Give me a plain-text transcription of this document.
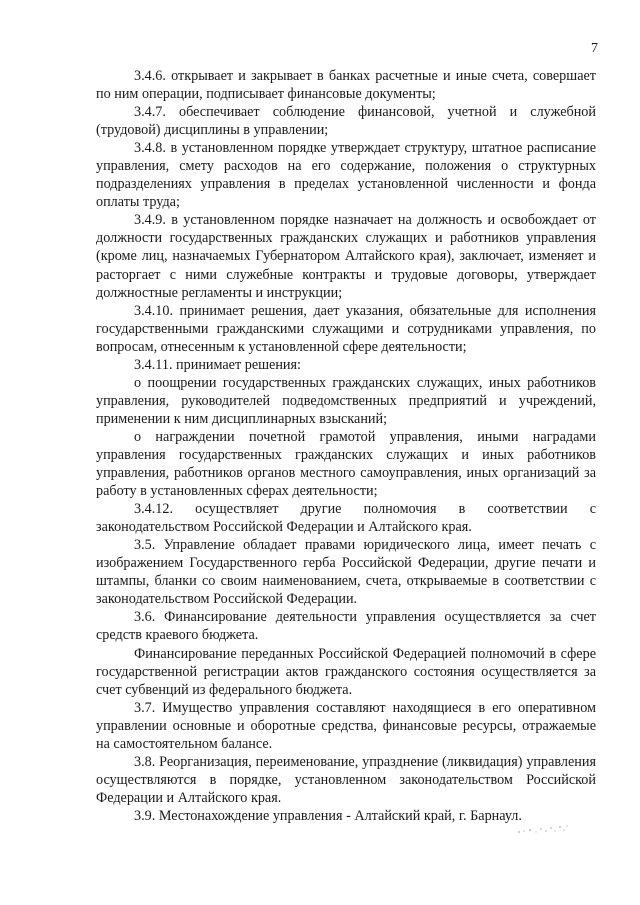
7

3.4.6. открывает и закрывает в банках расчетные и иные счета, совершает по ним операции, подписывает финансовые документы;

3.4.7. обеспечивает соблюдение финансовой, учетной и служебной (трудовой) дисциплины в управлении;

3.4.8. в установленном порядке утверждает структуру, штатное расписание управления, смету расходов на его содержание, положения о структурных подразделениях управления в пределах установленной численности и фонда оплаты труда;

3.4.9. в установленном порядке назначает на должность и освобождает от должности государственных гражданских служащих и работников управления (кроме лиц, назначаемых Губернатором Алтайского края), заключает, изменяет и расторгает с ними служебные контракты и трудовые договоры, утверждает должностные регламенты и инструкции;

3.4.10. принимает решения, дает указания, обязательные для исполнения государственными гражданскими служащими и сотрудниками управления, по вопросам, отнесенным к установленной сфере деятельности;

3.4.11. принимает решения:

о поощрении государственных гражданских служащих, иных работников управления, руководителей подведомственных предприятий и учреждений, применении к ним дисциплинарных взысканий;

о награждении почетной грамотой управления, иными наградами управления государственных гражданских служащих и иных работников управления, работников органов местного самоуправления, иных организаций за работу в установленных сферах деятельности;

3.4.12. осуществляет другие полномочия в соответствии с законодательством Российской Федерации и Алтайского края.

3.5. Управление обладает правами юридического лица, имеет печать с изображением Государственного герба Российской Федерации, другие печати и штампы, бланки со своим наименованием, счета, открываемые в соответствии с законодательством Российской Федерации.

3.6. Финансирование деятельности управления осуществляется за счет средств краевого бюджета.

Финансирование переданных Российской Федерацией полномочий в сфере государственной регистрации актов гражданского состояния осуществляется за счет субвенций из федерального бюджета.

3.7. Имущество управления составляют находящиеся в его оперативном управлении основные и оборотные средства, финансовые ресурсы, отражаемые на самостоятельном балансе.

3.8. Реорганизация, переименование, упразднение (ликвидация) управления осуществляются в порядке, установленном законодательством Российской Федерации и Алтайского края.

3.9. Местонахождение управления - Алтайский край, г. Барнаул.
